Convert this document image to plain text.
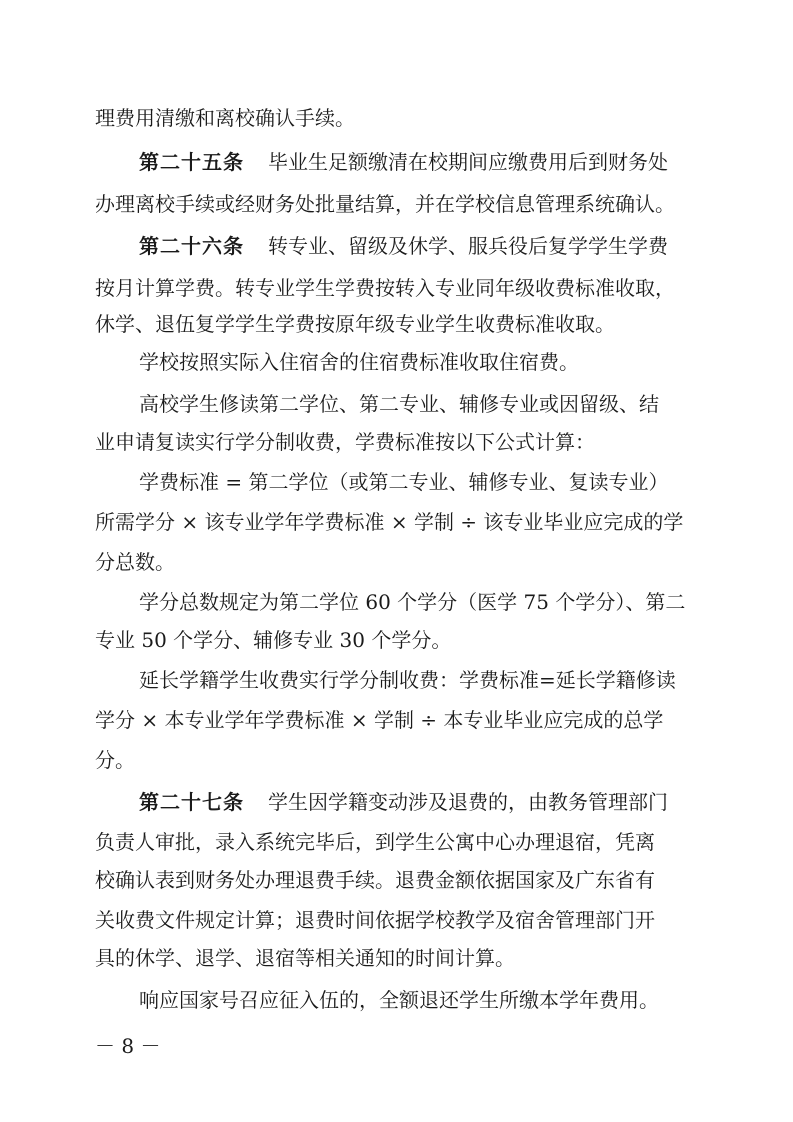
理费用清缴和离校确认手续。
第二十五条 毕业生足额缴清在校期间应缴费用后到财务处
办理离校手续或经财务处批量结算，并在学校信息管理系统确认。
第二十六条 转专业、留级及休学、服兵役后复学学生学费
按月计算学费。转专业学生学费按转入专业同年级收费标准收取，
休学、退伍复学学生学费按原年级专业学生收费标准收取。
学校按照实际入住宿舍的住宿费标准收取住宿费。
高校学生修读第二学位、第二专业、辅修专业或因留级、结
业申请复读实行学分制收费，学费标准按以下公式计算：
学费标准 = 第二学位（或第二专业、辅修专业、复读专业）
所需学分 × 该专业学年学费标准 × 学制 ÷ 该专业毕业应完成的学
分总数。
学分总数规定为第二学位 60 个学分（医学 75 个学分）、第二
专业 50 个学分、辅修专业 30 个学分。
延长学籍学生收费实行学分制收费：学费标准=延长学籍修读
学分 × 本专业学年学费标准 × 学制 ÷ 本专业毕业应完成的总学
分。
第二十七条 学生因学籍变动涉及退费的，由教务管理部门
负责人审批，录入系统完毕后，到学生公寓中心办理退宿，凭离
校确认表到财务处办理退费手续。退费金额依据国家及广东省有
关收费文件规定计算；退费时间依据学校教学及宿舍管理部门开
具的休学、退学、退宿等相关通知的时间计算。
响应国家号召应征入伍的，全额退还学生所缴本学年费用。
－ 8 －
